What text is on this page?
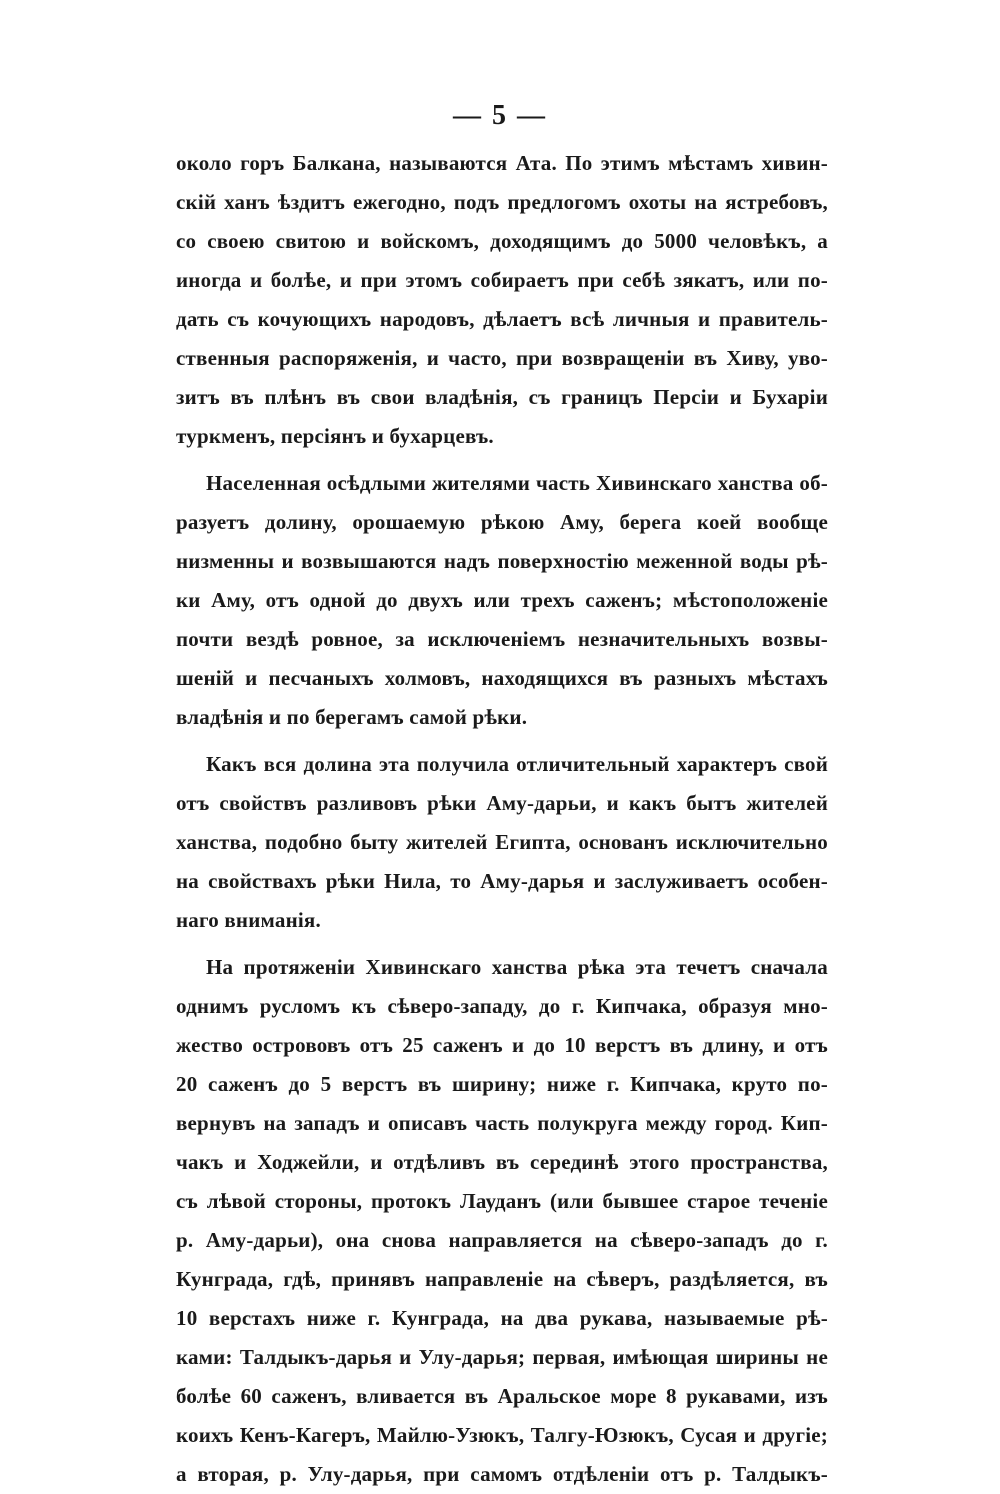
— 5 —
около горъ Балкана, называются Ата. По этимъ мѣстамъ хивин-
скій ханъ ѣздитъ ежегодно, подъ предлогомъ охоты на ястребовъ,
со своею свитою и войскомъ, доходящимъ до 5000 человѣкъ, а
иногда и болѣе, и при этомъ собираетъ при себѣ зякатъ, или по-
дать съ кочующихъ народовъ, дѣлаетъ всѣ личныя и правитель-
ственныя распоряженія, и часто, при возвращеніи въ Хиву, уво-
зитъ въ плѣнъ въ свои владѣнія, съ границъ Персіи и Бухаріи
туркменъ, персіянъ и бухарцевъ.
Населенная осѣдлыми жителями часть Хивинскаго ханства об-
разуетъ долину, орошаемую рѣкою Аму, берега коей вообще
низменны и возвышаются надъ поверхностію меженной воды рѣ-
ки Аму, отъ одной до двухъ или трехъ саженъ; мѣстоположеніе
почти вездѣ ровное, за исключеніемъ незначительныхъ возвы-
шеній и песчаныхъ холмовъ, находящихся въ разныхъ мѣстахъ
владѣнія и по берегамъ самой рѣки.
Какъ вся долина эта получила отличительный характеръ свой
отъ свойствъ разливовъ рѣки Аму-дарьи, и какъ бытъ жителей
ханства, подобно быту жителей Египта, основанъ исключительно
на свойствахъ рѣки Нила, то Аму-дарья и заслуживаетъ особен-
наго вниманія.
На протяженіи Хивинскаго ханства рѣка эта течетъ сначала
однимъ русломъ къ сѣверо-западу, до г. Кипчака, образуя мно-
жество острововъ отъ 25 саженъ и до 10 верстъ въ длину, и отъ
20 саженъ до 5 верстъ въ ширину; ниже г. Кипчака, круто по-
вернувъ на западъ и описавъ часть полукруга между город. Кип-
чакъ и Ходжейли, и отдѣливъ въ серединѣ этого пространства,
съ лѣвой стороны, протокъ Лауданъ (или бывшее старое теченіе
р. Аму-дарьи), она снова направляется на сѣверо-западъ до г.
Кунграда, гдѣ, принявъ направленіе на сѣверъ, раздѣляется, въ
10 верстахъ ниже г. Кунграда, на два рукава, называемые рѣ-
ками: Талдыкъ-дарья и Улу-дарья; первая, имѣющая ширины не
болѣе 60 саженъ, вливается въ Аральское море 8 рукавами, изъ
коихъ Кенъ-Кагеръ, Майлю-Узюкъ, Талгу-Юзюкъ, Сусая и другіе;
а вторая, р. Улу-дарья, при самомъ отдѣленіи отъ р. Талдыкъ-
